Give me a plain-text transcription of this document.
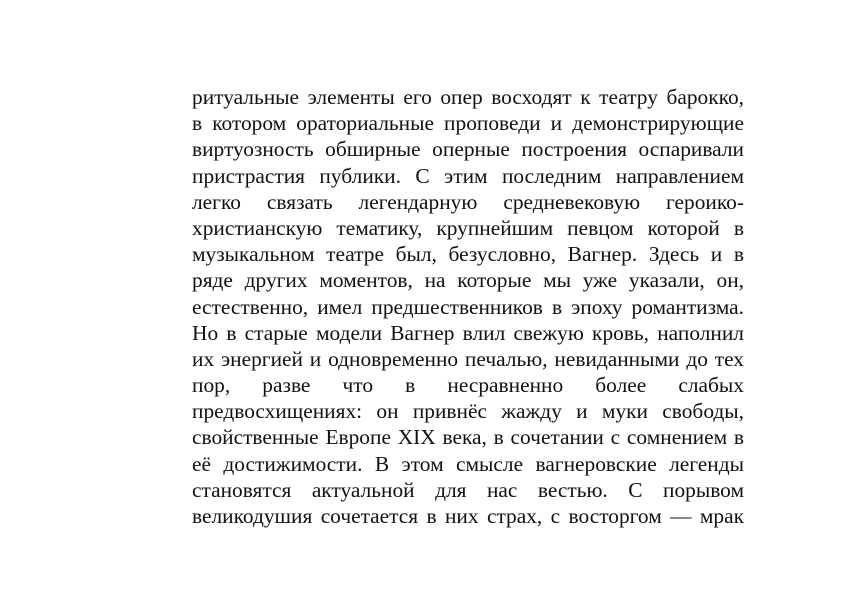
ритуальные элементы его опер восходят к театру барокко,
в котором ораториальные проповеди и демонстрирующие
виртуозность обширные оперные построения оспаривали
пристрастия публики. С этим последним направлением
легко связать легендарную средневековую героико-
христианскую тематику, крупнейшим певцом которой в
музыкальном театре был, безусловно, Вагнер. Здесь и в
ряде других моментов, на которые мы уже указали, он,
естественно, имел предшественников в эпоху романтизма.
Но в старые модели Вагнер влил свежую кровь, наполнил
их энергией и одновременно печалью, невиданными до тех
пор, разве что в несравненно более слабых
предвосхищениях: он привнёс жажду и муки свободы,
свойственные Европе XIX века, в сочетании с сомнением в
её достижимости. В этом смысле вагнеровские легенды
становятся актуальной для нас вестью. С порывом
великодушия сочетается в них страх, с восторгом — мрак
